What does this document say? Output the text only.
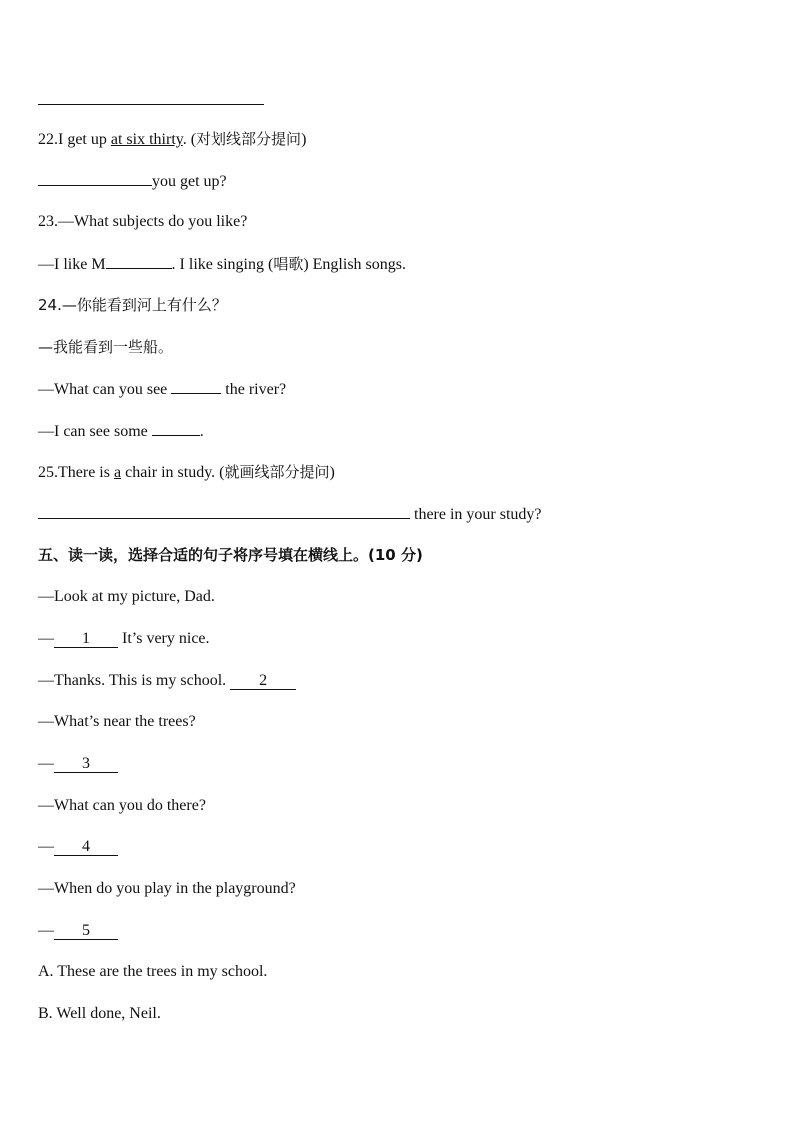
22.I get up at six thirty. (对划线部分提问)
you get up?
23.—What subjects do you like?
—I like M	. I like singing (唱歌) English songs.
24.—你能看到河上有什么？
—我能看到一些船。
—What can you see	the river?
—I can see some	.
25.There is a chair in study. (就画线部分提问)
there in your study?
五、读一读，选择合适的句子将序号填在横线上。(10 分)
—Look at my picture, Dad.
— 1 It’s very nice.
—Thanks. This is my school. 2
—What’s near the trees?
— 3
—What can you do there?
— 4
—When do you play in the playground?
— 5
A. These are the trees in my school.
B. Well done, Neil.
